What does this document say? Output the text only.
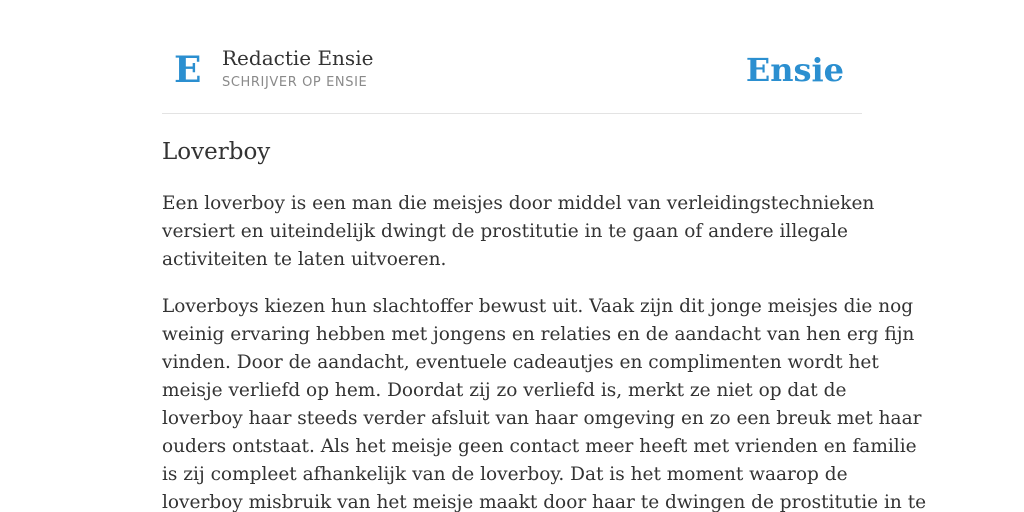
E Redactie Ensie
SCHRIJVER OP ENSIE	Ensie
Loverboy

Een loverboy is een man die meisjes door middel van verleidingstechnieken
versiert en uiteindelijk dwingt de prostitutie in te gaan of andere illegale
activiteiten te laten uitvoeren.

Loverboys kiezen hun slachtoffer bewust uit. Vaak zijn dit jonge meisjes die nog
weinig ervaring hebben met jongens en relaties en de aandacht van hen erg fijn
vinden. Door de aandacht, eventuele cadeautjes en complimenten wordt het
meisje verliefd op hem. Doordat zij zo verliefd is, merkt ze niet op dat de
loverboy haar steeds verder afsluit van haar omgeving en zo een breuk met haar
ouders ontstaat. Als het meisje geen contact meer heeft met vrienden en familie
is zij compleet afhankelijk van de loverboy. Dat is het moment waarop de
loverboy misbruik van het meisje maakt door haar te dwingen de prostitutie in te
